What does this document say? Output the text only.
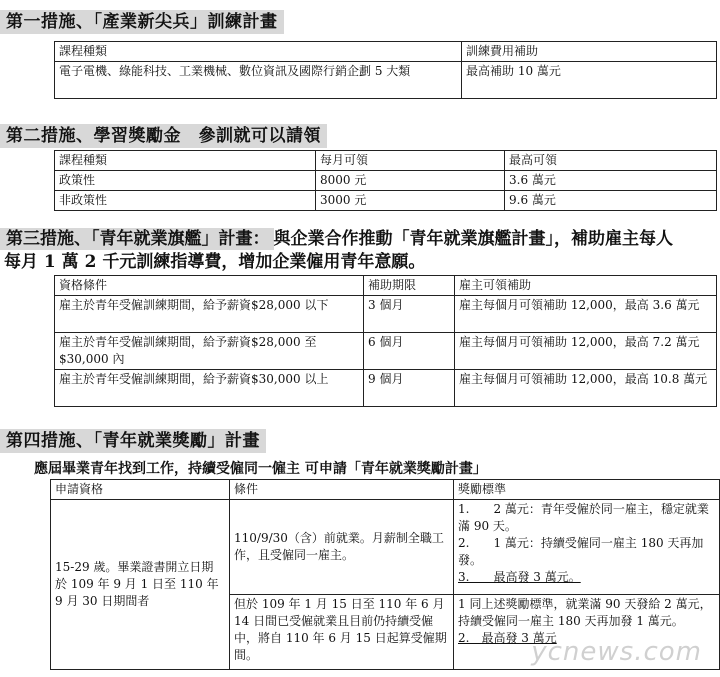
第一措施、「產業新尖兵」訓練計畫
課程種類	訓練費用補助
電子電機、綠能科技、工業機械、數位資訊及國際行銷企劃 5 大類	最高補助 10 萬元
第二措施、學習獎勵金　參訓就可以請領
課程種類	每月可領	最高可領
政策性	8000 元	3.6 萬元
非政策性	3000 元	9.6 萬元
第三措施、「青年就業旗艦」計畫： 與企業合作推動「青年就業旗艦計畫」，補助雇主每人
每月 1 萬 2 千元訓練指導費，增加企業僱用青年意願。
資格條件	補助期限	雇主可領補助
雇主於青年受僱訓練期間，給予薪資$28,000 以下	3 個月	雇主每個月可領補助 12,000，最高 3.6 萬元
雇主於青年受僱訓練期間，給予薪資$28,000 至$30,000 內	6 個月	雇主每個月可領補助 12,000，最高 7.2 萬元
雇主於青年受僱訓練期間，給予薪資$30,000 以上	9 個月	雇主每個月可領補助 12,000，最高 10.8 萬元
第四措施、「青年就業獎勵」計畫
應屆畢業青年找到工作，持續受僱同一僱主 可申請「青年就業獎勵計畫」
申請資格	條件	獎勵標準
15-29 歲。畢業證書開立日期於 109 年 9 月 1 日至 110 年 9 月 30 日期間者	110/9/30（含）前就業。月薪制全職工作，且受僱同一雇主。	1.　　2 萬元：青年受僱於同一雇主，穩定就業滿 90 天。
2.　　1 萬元：持續受僱同一雇主 180 天再加發。
3.　　最高發 3 萬元。

	但於 109 年 1 月 15 日至 110 年 6 月 14 日間已受僱就業且目前仍持續受僱中，將自 110 年 6 月 15 日起算受僱期間。	1 同上述獎勵標準，就業滿 90 天發給 2 萬元，持續受僱同一雇主 180 天再加發 1 萬元。
2.　最高發 3 萬元
ycnews.com
